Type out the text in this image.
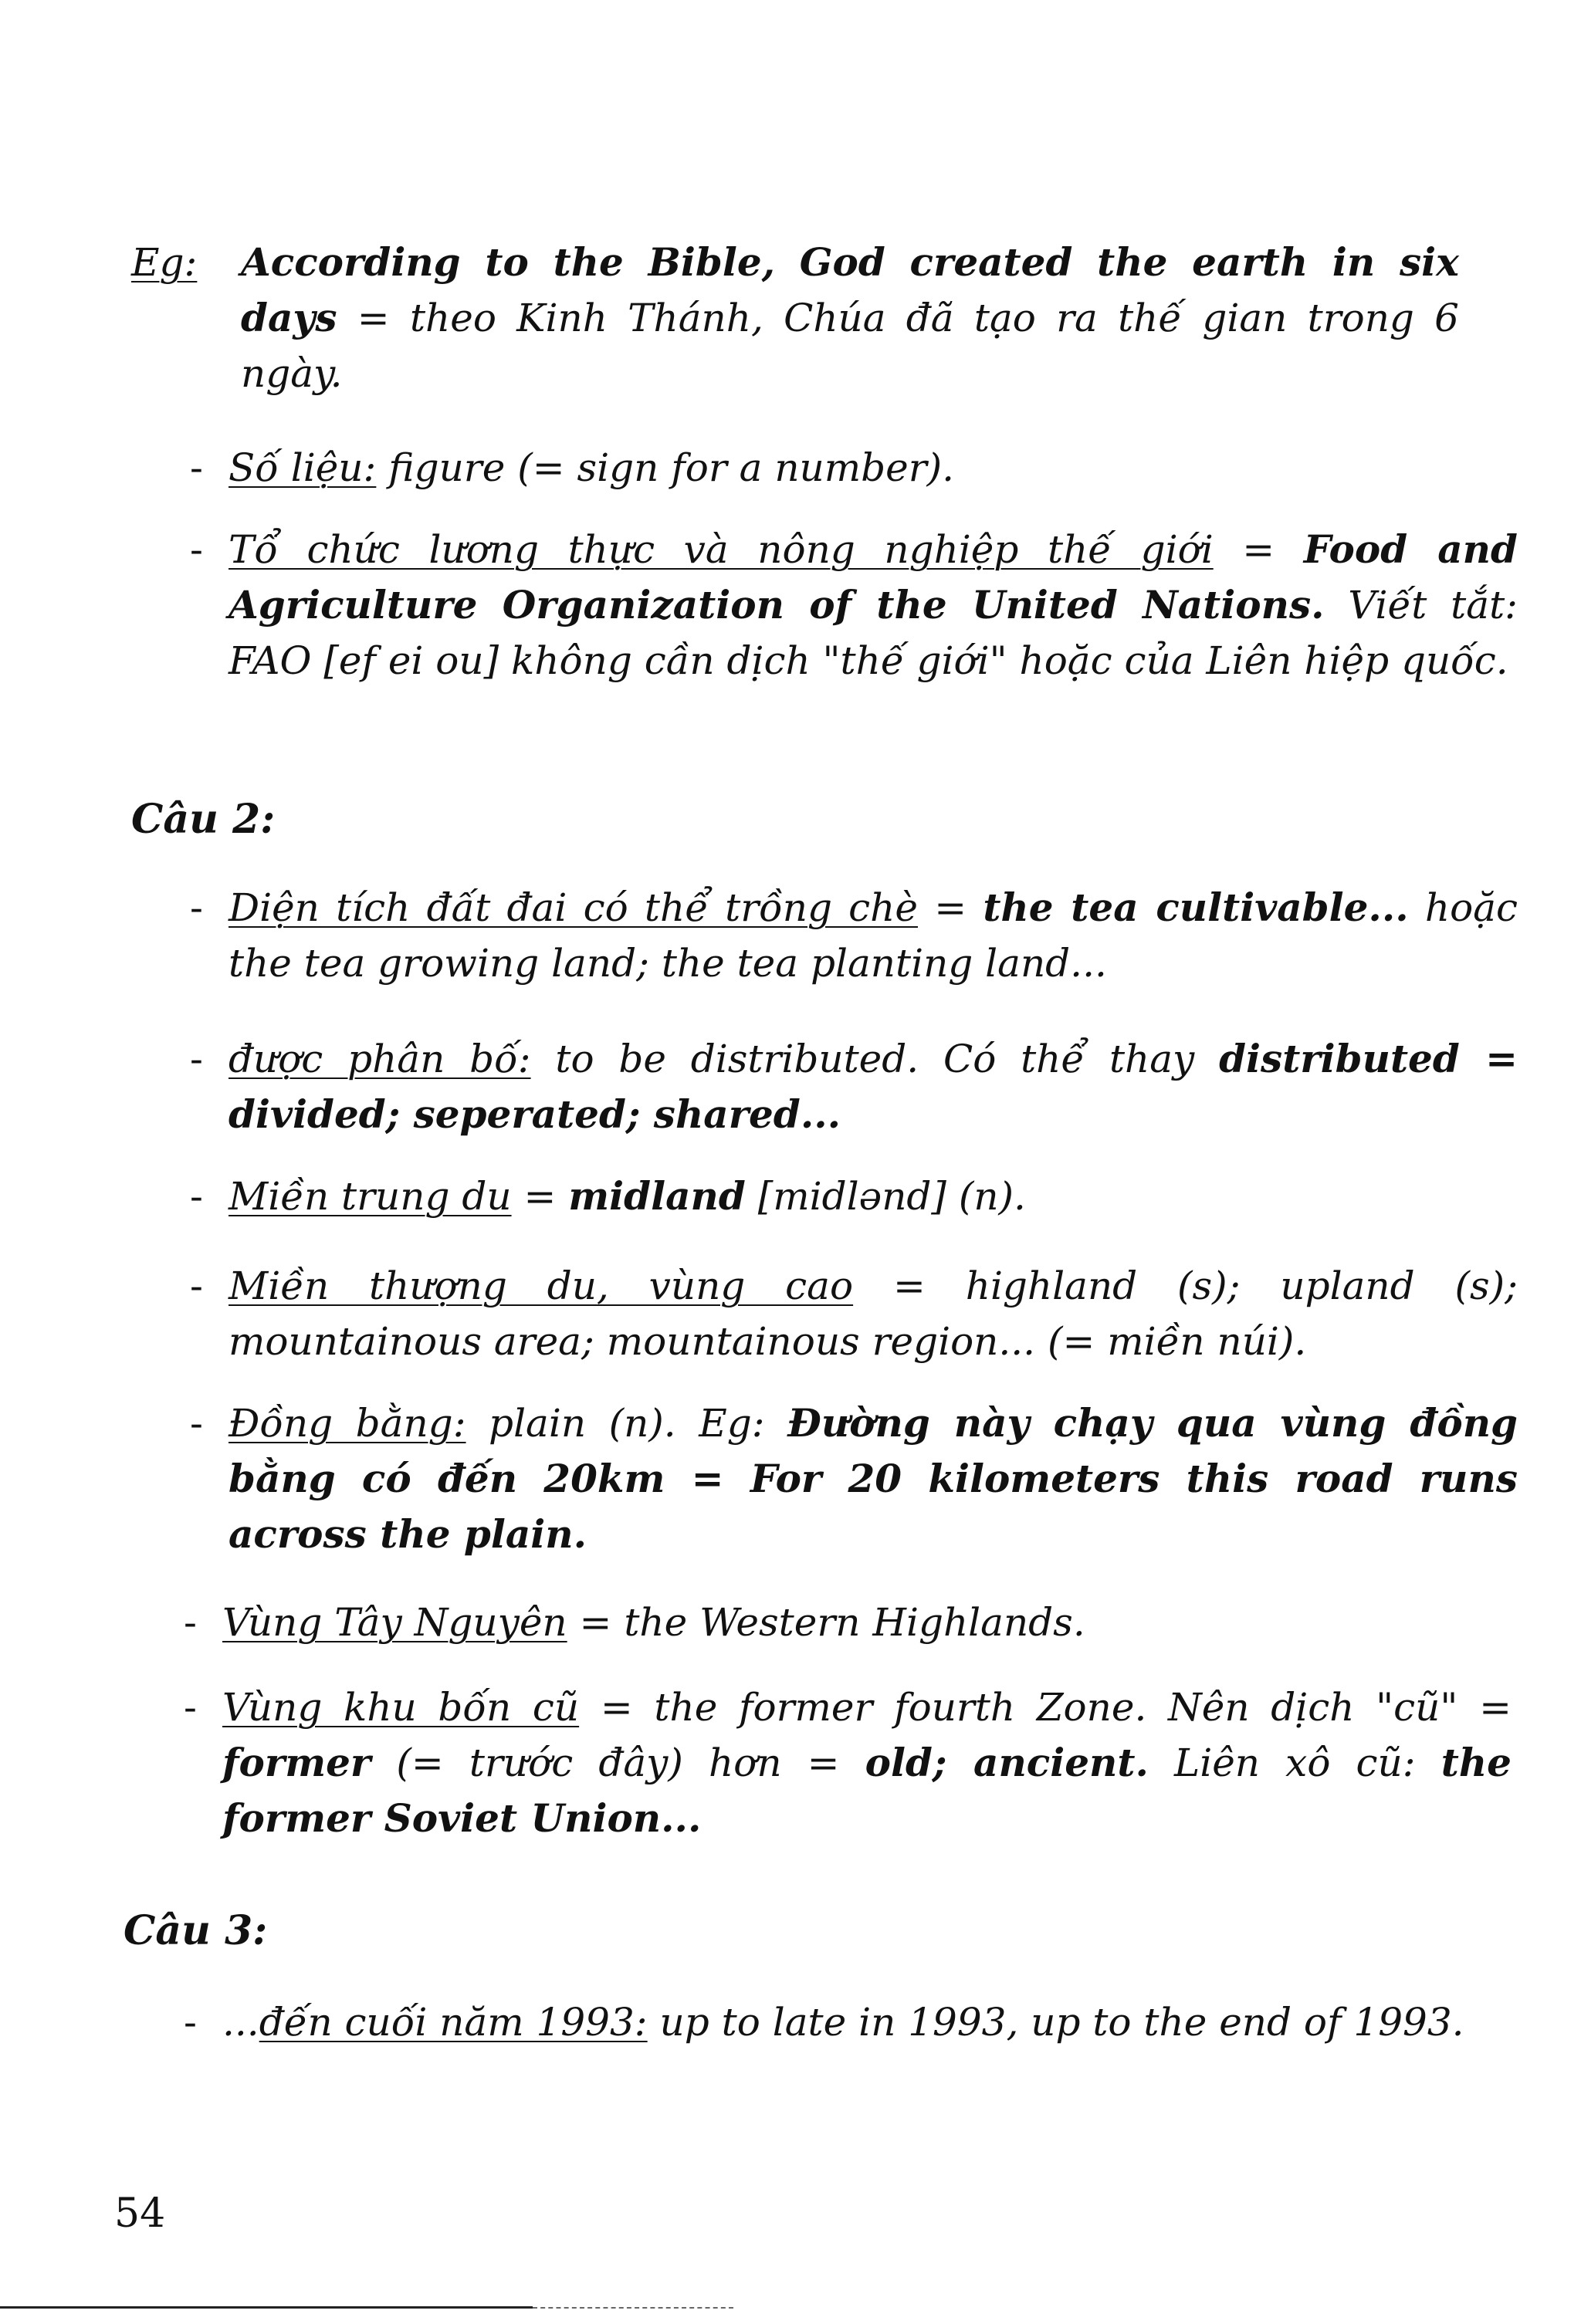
Eg: According to the Bible, God created the earth in six days = theo Kinh Thánh, Chúa đã tạo ra thế gian trong 6 ngày.
- Số liệu: figure (= sign for a number).
- Tổ chức lương thực và nông nghiệp thế giới = Food and Agriculture Organization of the United Nations. Viết tắt: FAO [ef ei ou] không cần dịch "thế giới" hoặc của Liên hiệp quốc.
Câu 2:
- Diện tích đất đai có thể trồng chè = the tea cultivable... hoặc the tea growing land; the tea planting land...
- được phân bố: to be distributed. Có thể thay distributed = divided; seperated; shared...
- Miền trung du = midland [midlənd] (n).
- Miền thượng du, vùng cao = highland (s); upland (s); mountainous area; mountainous region... (= miền núi).
- Đồng bằng: plain (n). Eg: Đường này chạy qua vùng đồng bằng có đến 20km = For 20 kilometers this road runs across the plain.
- Vùng Tây Nguyên = the Western Highlands.
- Vùng khu bốn cũ = the former fourth Zone. Nên dịch "cũ" = former (= trước đây) hơn = old; ancient. Liên xô cũ: the former Soviet Union...
Câu 3:
- ...đến cuối năm 1993: up to late in 1993, up to the end of 1993.
54
